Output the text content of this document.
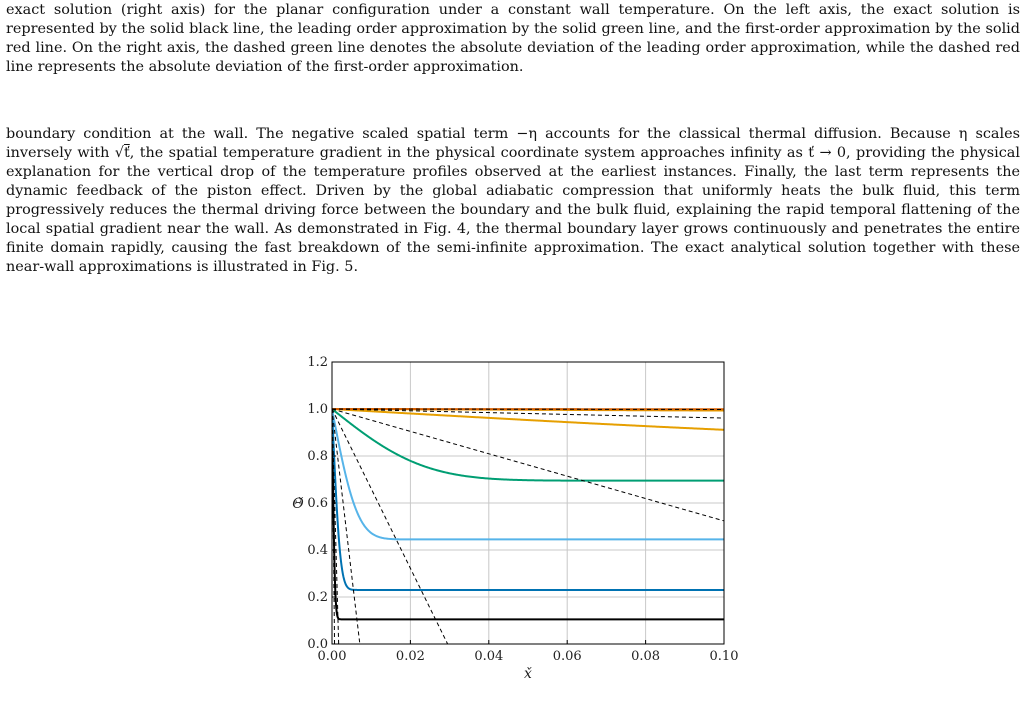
exact solution (right axis) for the planar configuration under a constant wall temperature. On the left axis, the exact solution is represented by the solid black line, the leading order approximation by the solid green line, and the first-order approximation by the solid red line. On the right axis, the dashed green line denotes the absolute deviation of the leading order approximation, while the dashed red line represents the absolute deviation of the first-order approximation.

boundary condition at the wall. The negative scaled spatial term −η accounts for the classical thermal diffusion. Because η scales inversely with √ť, the spatial temperature gradient in the physical coordinate system approaches infinity as ť → 0, providing the physical explanation for the vertical drop of the temperature profiles observed at the earliest instances. Finally, the last term represents the dynamic feedback of the piston effect. Driven by the global adiabatic compression that uniformly heats the bulk fluid, this term progressively reduces the thermal driving force between the boundary and the bulk fluid, explaining the rapid temporal flattening of the local spatial gradient near the wall. As demonstrated in Fig. 4, the thermal boundary layer grows continuously and penetrates the entire finite domain rapidly, causing the fast breakdown of the semi-infinite approximation. The exact analytical solution together with these near-wall approximations is illustrated in Fig. 5.

x̌
Θ̌
0.00	0.02	0.04	0.06	0.08	0.10
0.0
0.2
0.4
0.6
0.8
1.0
1.2
